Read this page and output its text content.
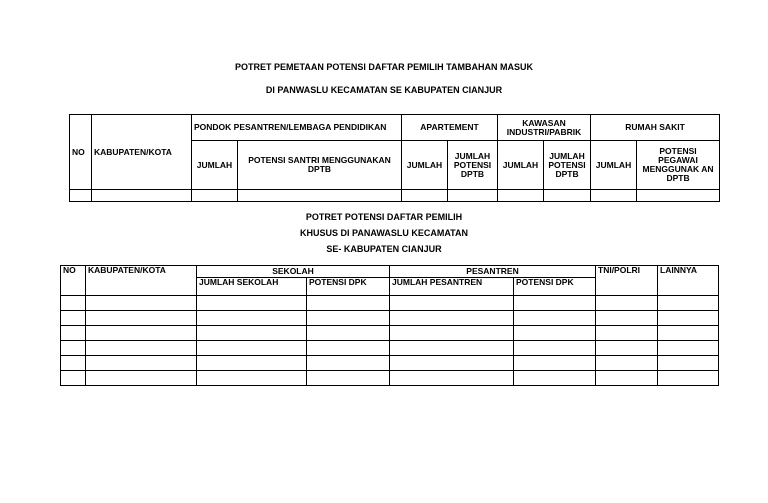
POTRET PEMETAAN POTENSI DAFTAR PEMILIH TAMBAHAN MASUK
DI PANWASLU KECAMATAN SE KABUPATEN CIANJUR
NO	KABUPATEN/KOTA	PONDOK PESANTREN/LEMBAGA PENDIDIKAN		APARTEMENT		KAWASAN INDUSTRI/PABRIK		RUMAH SAKIT	
		JUMLAH	POTENSI SANTRI MENGGUNAKAN DPTB	JUMLAH	JUMLAH POTENSI DPTB	JUMLAH	JUMLAH POTENSI DPTB	JUMLAH	POTENSI PEGAWAI MENGGUNAK AN DPTB

POTRET POTENSI DAFTAR PEMILIH
KHUSUS DI PANAWASLU KECAMATAN
SE- KABUPATEN CIANJUR
NO	KABUPATEN/KOTA	SEKOLAH		PESANTREN		TNI/POLRI	LAINNYA
		JUMLAH SEKOLAH	POTENSI DPK	JUMLAH PESANTREN	POTENSI DPK		
